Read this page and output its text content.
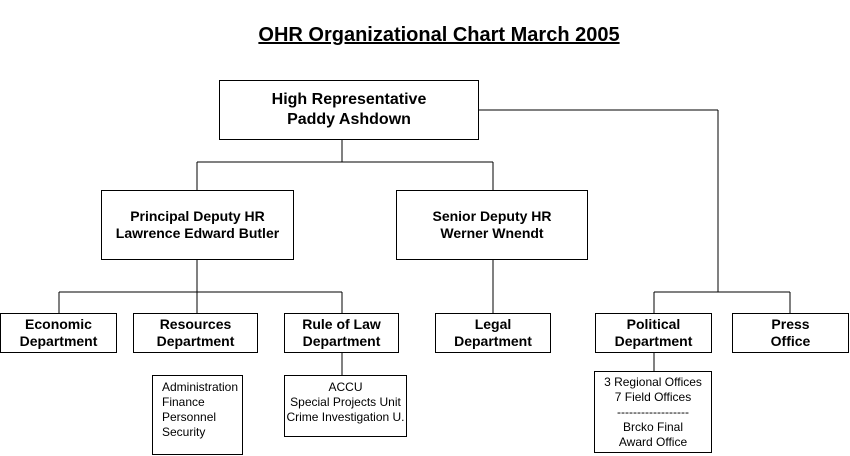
OHR Organizational Chart March 2005
High Representative
Paddy Ashdown
Principal Deputy HR
Lawrence Edward Butler
Senior Deputy HR
Werner Wnendt
Economic
Department
Resources
Department
Rule of Law
Department
Legal
Department
Political
Department
Press
Office
Administration
Finance
Personnel
Security
ACCU
Special Projects Unit
Crime Investigation U.
3 Regional Offices
7 Field Offices
------------------
Brcko Final
Award Office
